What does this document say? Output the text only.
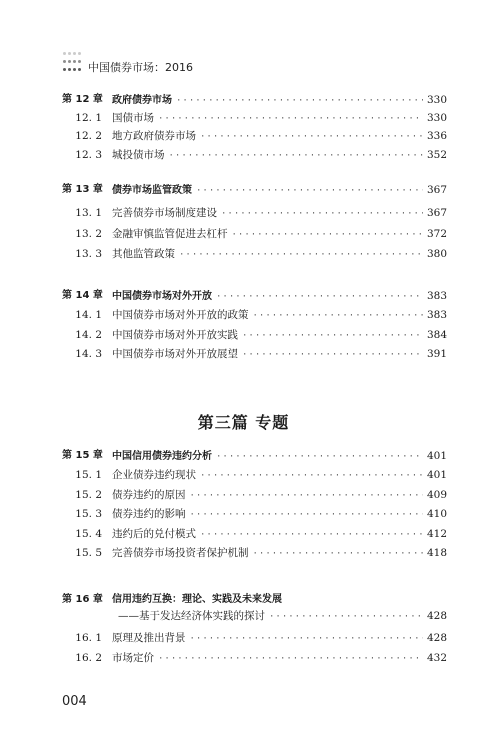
中国债券市场：2016
第 12 章 政府债券市场 ·····	330
12. 1 国债市场 ·····	330
12. 2 地方政府债券市场 ·····	336
12. 3 城投债市场 ·····	352
第 13 章 债券市场监管政策 ·····	367
13. 1 完善债券市场制度建设 ·····	367
13. 2 金融审慎监管促进去杠杆 ·····	372
13. 3 其他监管政策 ·····	380
第 14 章 中国债券市场对外开放 ·····	383
14. 1 中国债券市场对外开放的政策 ·····	383
14. 2 中国债券市场对外开放实践 ·····	384
14. 3 中国债券市场对外开放展望 ·····	391
第 15 章 中国信用债券违约分析 ·····	401
15. 1 企业债券违约现状 ·····	401
15. 2 债券违约的原因 ·····	409
15. 3 债券违约的影响 ·····	410
15. 4 违约后的兑付模式 ·····	412
15. 5 完善债券市场投资者保护机制 ·····	418
第 16 章 信用违约互换：理论、实践及未来发展
——基于发达经济体实践的探讨 ·····	428
16. 1 原理及推出背景 ·····	428
16. 2 市场定价 ·····	432
第三篇 专题
004
